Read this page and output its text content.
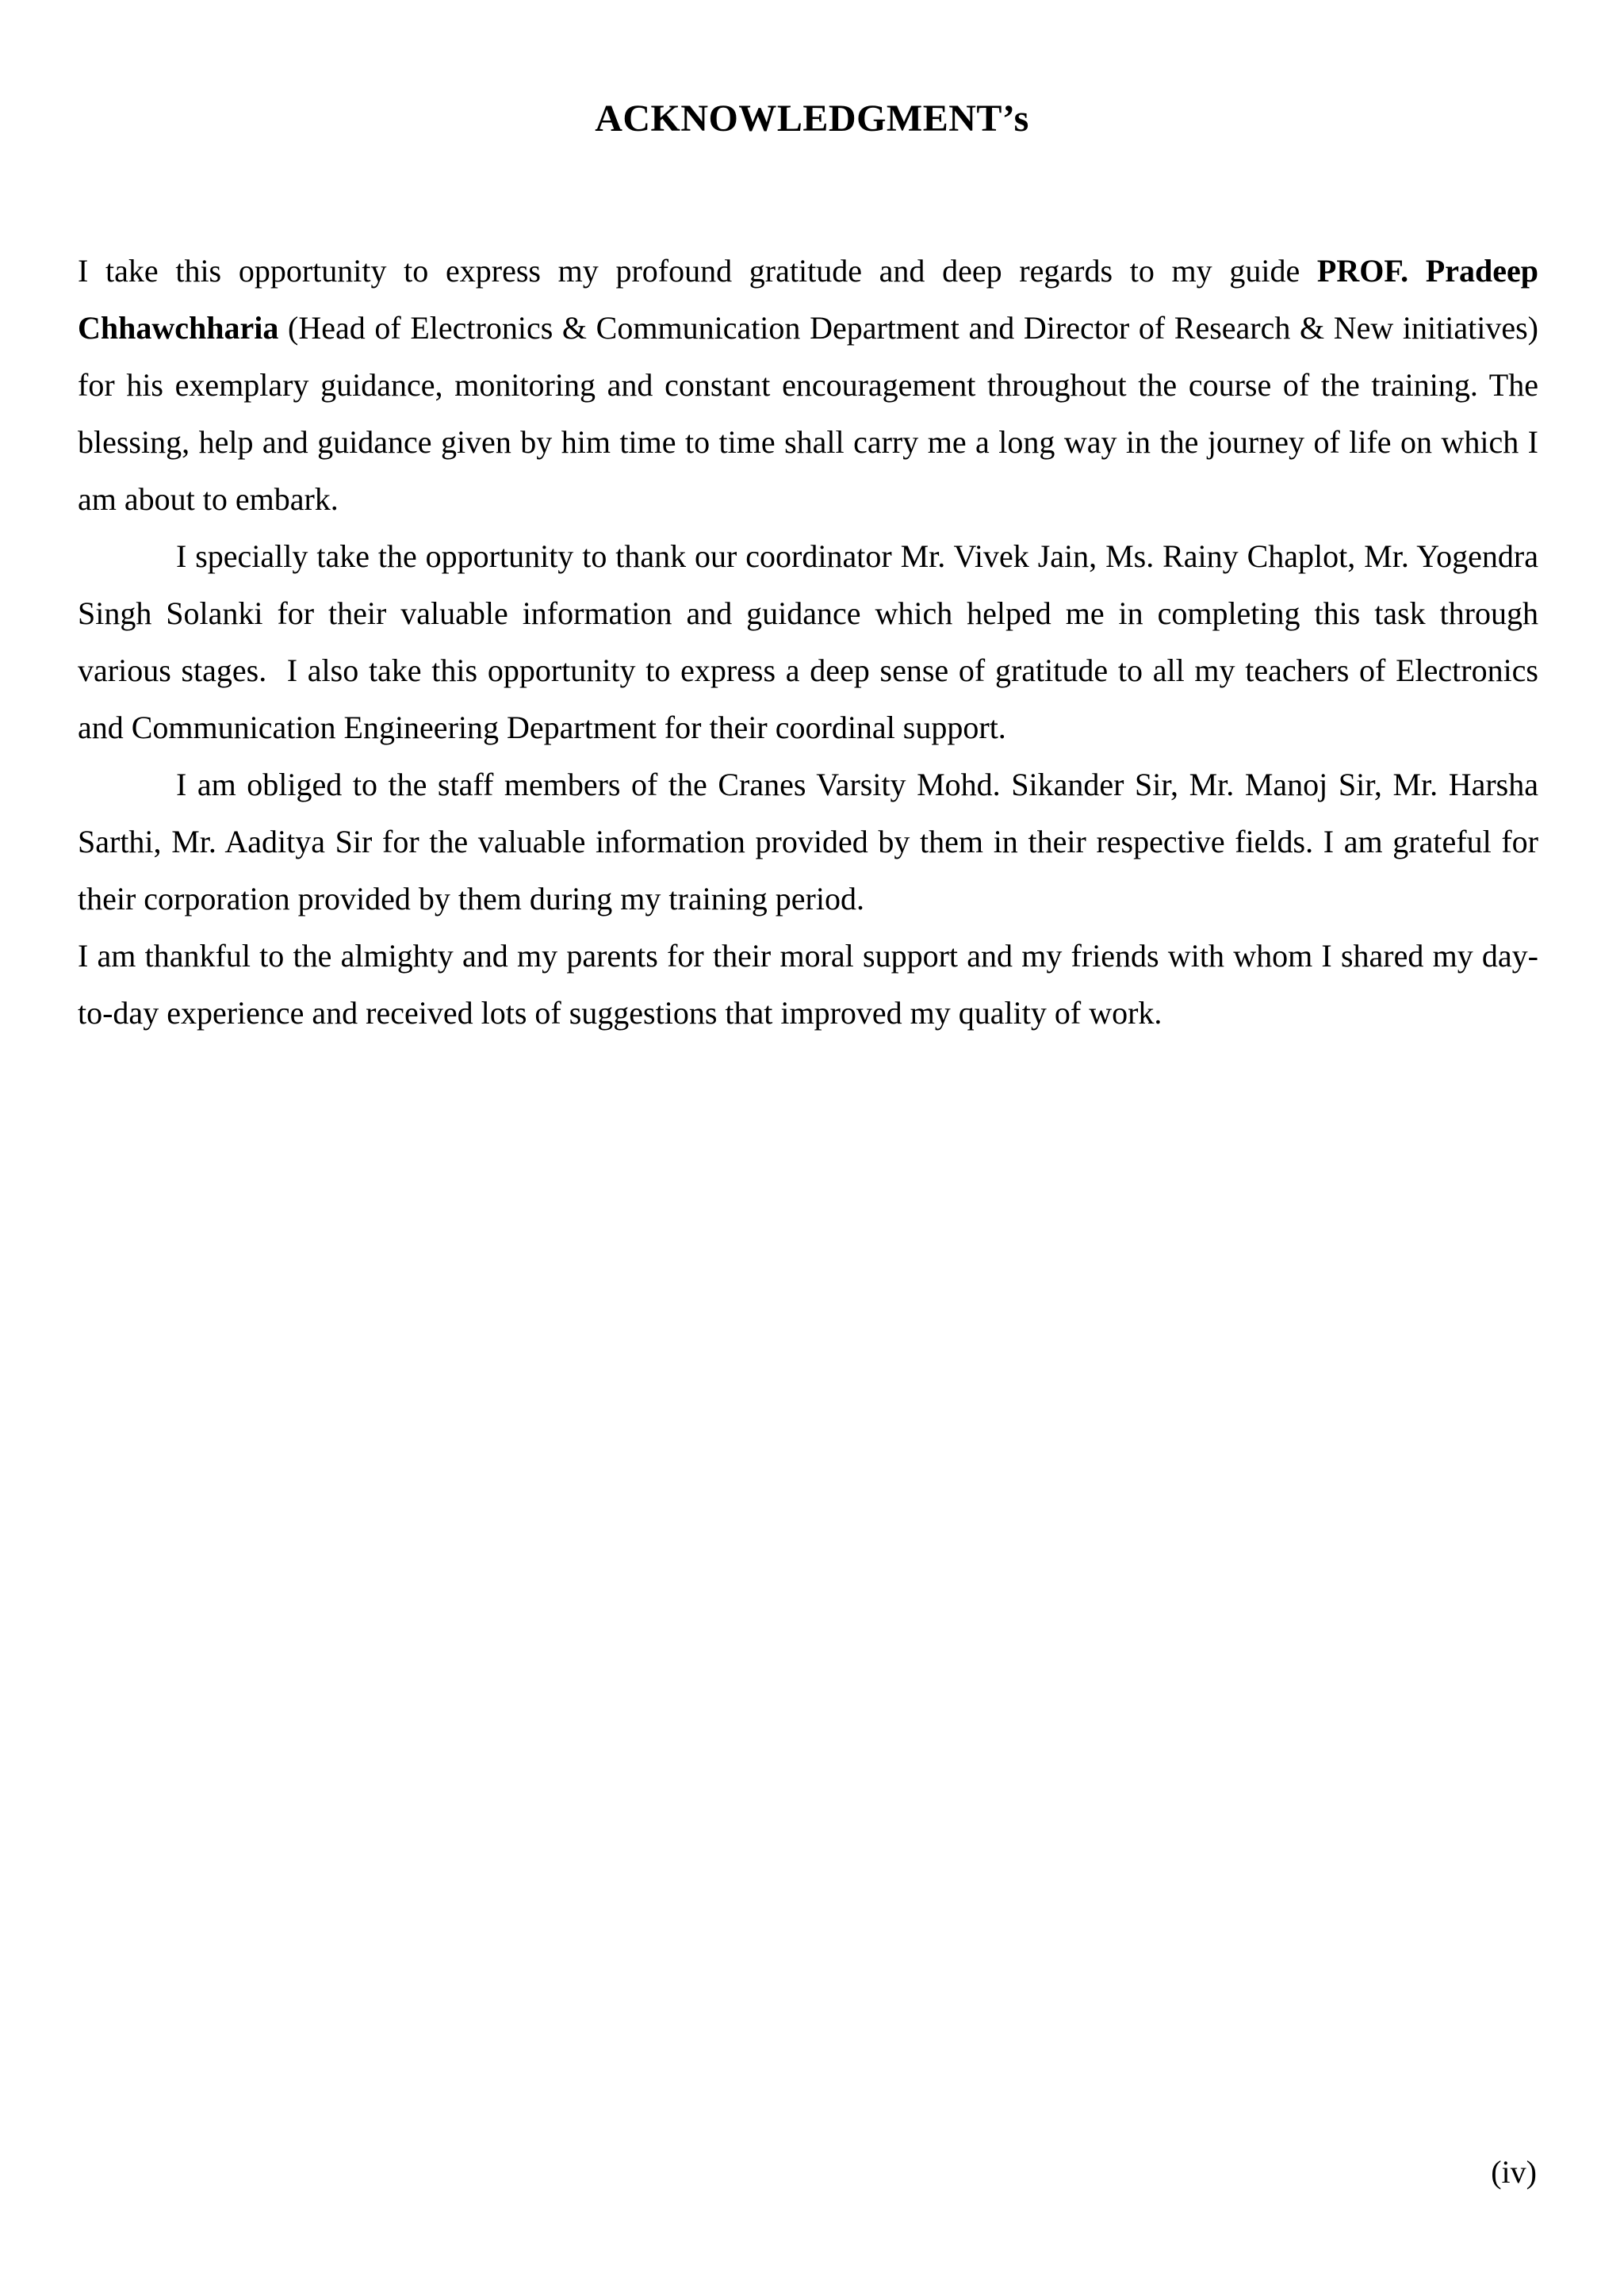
ACKNOWLEDGMENT’s

I take this opportunity to express my profound gratitude and deep regards to my guide PROF. Pradeep Chhawchharia (Head of Electronics & Communication Department and Director of Research & New initiatives) for his exemplary guidance, monitoring and constant encouragement throughout the course of the training. The blessing, help and guidance given by him time to time shall carry me a long way in the journey of life on which I am about to embark.

I specially take the opportunity to thank our coordinator Mr. Vivek Jain, Ms. Rainy Chaplot, Mr. Yogendra Singh Solanki for their valuable information and guidance which helped me in completing this task through various stages.  I also take this opportunity to express a deep sense of gratitude to all my teachers of Electronics and Communication Engineering Department for their coordinal support.

I am obliged to the staff members of the Cranes Varsity Mohd. Sikander Sir, Mr. Manoj Sir, Mr. Harsha Sarthi, Mr. Aaditya Sir for the valuable information provided by them in their respective fields. I am grateful for their corporation provided by them during my training period.

I am thankful to the almighty and my parents for their moral support and my friends with whom I shared my day-to-day experience and received lots of suggestions that improved my quality of work.

(iv)
